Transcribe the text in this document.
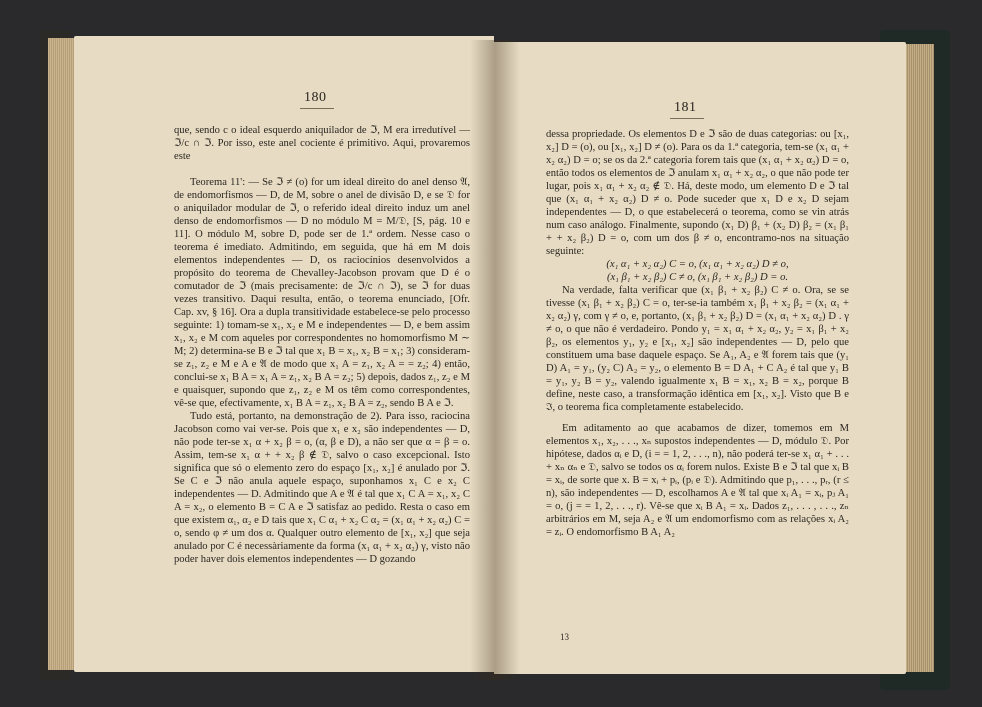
180

que, sendo c o ideal esquerdo aniquilador de ℑ, M era irredutível — ℑ/c ∩ ℑ. Por isso, este anel cociente é primitivo. Aqui, provaremos este

Teorema 11': — Se ℑ ≠ (o) for um ideal direito do anel denso 𝔄, de endomorfismos — D, de M, sobre o anel de divisão D, e se 𝔇 for o aniquilador modular de ℑ, o referido ideal direito induz um anel denso de endomorfismos — D no módulo M = M/𝔇, [S, pág. 10 e 11]. O módulo M, sobre D, pode ser de 1.ª ordem. Nesse caso o teorema é imediato. Admitindo, em seguida, que há em M dois elementos independentes — D, os raciocínios desenvolvidos a propósito do teorema de Chevalley-Jacobson provam que D é o comutador de ℑ (mais precisamente: de ℑ/c ∩ ℑ), se ℑ for duas vezes transitivo. Daqui resulta, então, o teorema enunciado, [Ofr. Cap. xv, § 16]. Ora a dupla transitividade estabelece-se pelo processo seguinte: 1) tomam-se x₁, x₂ e M e independentes — D, e bem assim x₁, x₂ e M com aqueles por correspondentes no homomorfismo M ∼ M; 2) determina-se B e ℑ tal que x₁ B = x₁, x₂ B = x₁; 3) consideram-se z₁, z₂ e M e A e 𝔄 de modo que x₁ A = z₁, x₂ A = = z₂; 4) então, conclui-se x₁ B A = x₁ A = z₁, x₂ B A = z₂; 5) depois, dados z₁, z₂ e M e quaisquer, supondo que z₁, z₂ e M os têm como correspondentes, vê-se que, efectivamente, x₁ B A = z₁, x₂ B A = z₂, sendo B A e ℑ.

Tudo está, portanto, na demonstração de 2). Para isso, raciocina Jacobson como vai ver-se. Pois que x₁ e x₂ são independentes — D, não pode ter-se x₁ α + x₂ β = o, (α, β e D), a não ser que α = β = o. Assim, tem-se x₁ α + + x₂ β ∉ 𝔇, salvo o caso excepcional. Isto significa que só o elemento zero do espaço [x₁, x₂] é anulado por ℑ. Se C e ℑ não anula aquele espaço, suponhamos x₁ C e x₂ C independentes — D. Admitindo que A e 𝔄 é tal que x₁ C A = x₁, x₂ C A = x₂, o elemento B = C A e ℑ satisfaz ao pedido. Resta o caso em que existem α₁, α₂ e D tais que x₁ C α₁ + x₂ C α₂ = (x₁ α₁ + x₂ α₂) C = o, sendo φ ≠ um dos α. Qualquer outro elemento de [x₁, x₂] que seja anulado por C é necessàriamente da forma (x₁ α₁ + x₂ α₂) γ, visto não poder haver dois elementos independentes — D gozando

181

dessa propriedade. Os elementos D e ℑ são de duas categorias: ou [x₁, x₂] D = (o), ou [x₁, x₂] D ≠ (o). Para os da 1.ª categoria, tem-se (x₁ α₁ + x₂ α₂) D = o; se os da 2.ª categoria forem tais que (x₁ α₁ + x₂ α₂) D = o, então todos os elementos de ℑ anulam x₁ α₁ + x₂ α₂, o que não pode ter lugar, pois x₁ α₁ + x₂ α₂ ∉ 𝔇. Há, deste modo, um elemento D e ℑ tal que (x₁ α₁ + x₂ α₂) D ≠ o. Pode suceder que x₁ D e x₂ D sejam independentes — D, o que estabelecerá o teorema, como se vin atrás num caso análogo. Finalmente, supondo (x₁ D) β₁ + (x₂ D) β₂ = (x₁ β₁ + + x₂ β₂) D = o, com um dos β ≠ o, encontramo-nos na situação seguinte:

(x₁ α₁ + x₂ α₂) C = o, (x₁ α₁ + x₂ α₂) D ≠ o,

(x₁ β₁ + x₂ β₂) C ≠ o, (x₁ β₁ + x₂ β₂) D = o.

Na verdade, falta verificar que (x₁ β₁ + x₂ β₂) C ≠ o. Ora, se se tivesse (x₁ β₁ + x₂ β₂) C = o, ter-se-ia também x₁ β₁ + x₂ β₂ = (x₁ α₁ + x₂ α₂) γ, com γ ≠ o, e, portanto, (x₁ β₁ + x₂ β₂) D = (x₁ α₁ + x₂ α₂) D . γ ≠ o, o que não é verdadeiro. Pondo y₁ = x₁ α₁ + x₂ α₂, y₂ = x₁ β₁ + x₂ β₂, os elementos y₁, y₂ e [x₁, x₂] são independentes — D, pelo que constituem uma base daquele espaço. Se A₁, A₂ e 𝔄 forem tais que (y₁ D) A₁ = y₁, (y₂ C) A₂ = y₂, o elemento B = D A₁ + C A₂ é tal que y₁ B = y₁, y₂ B = y₂, valendo igualmente x₁ B = x₁, x₂ B = x₂, porque B define, neste caso, a transformação idêntica em [x₁, x₂]. Visto que B e ℑ, o teorema fica completamente estabelecido.

Em aditamento ao que acabamos de dizer, tomemos em M elementos x₁, x₂, . . ., xₙ supostos independentes — D, módulo 𝔇. Por hipótese, dados αᵢ e D, (i = = 1, 2, . . ., n), não poderá ter-se x₁ α₁ + . . . + xₙ αₙ e 𝔇, salvo se todos os αᵢ forem nulos. Existe B e ℑ tal que xᵢ B = xᵢ, de sorte que x. B = xᵢ + pᵢ, (pᵢ e 𝔇). Admitindo que p₁, . . ., pᵣ, (r ≤ n), são independentes — D, escolhamos A e 𝔄 tal que xᵢ A₁ = xᵢ, pⱼ A₁ = o, (j = = 1, 2, . . ., r). Vê-se que xᵢ B A₁ = xᵢ. Dados z₁, . . . , . . ., zₙ arbitrários em M, seja A₂ e 𝔄 um endomorfismo com as relações xᵢ A₂ = zᵢ. O endomorfismo B A₁ A₂

13
